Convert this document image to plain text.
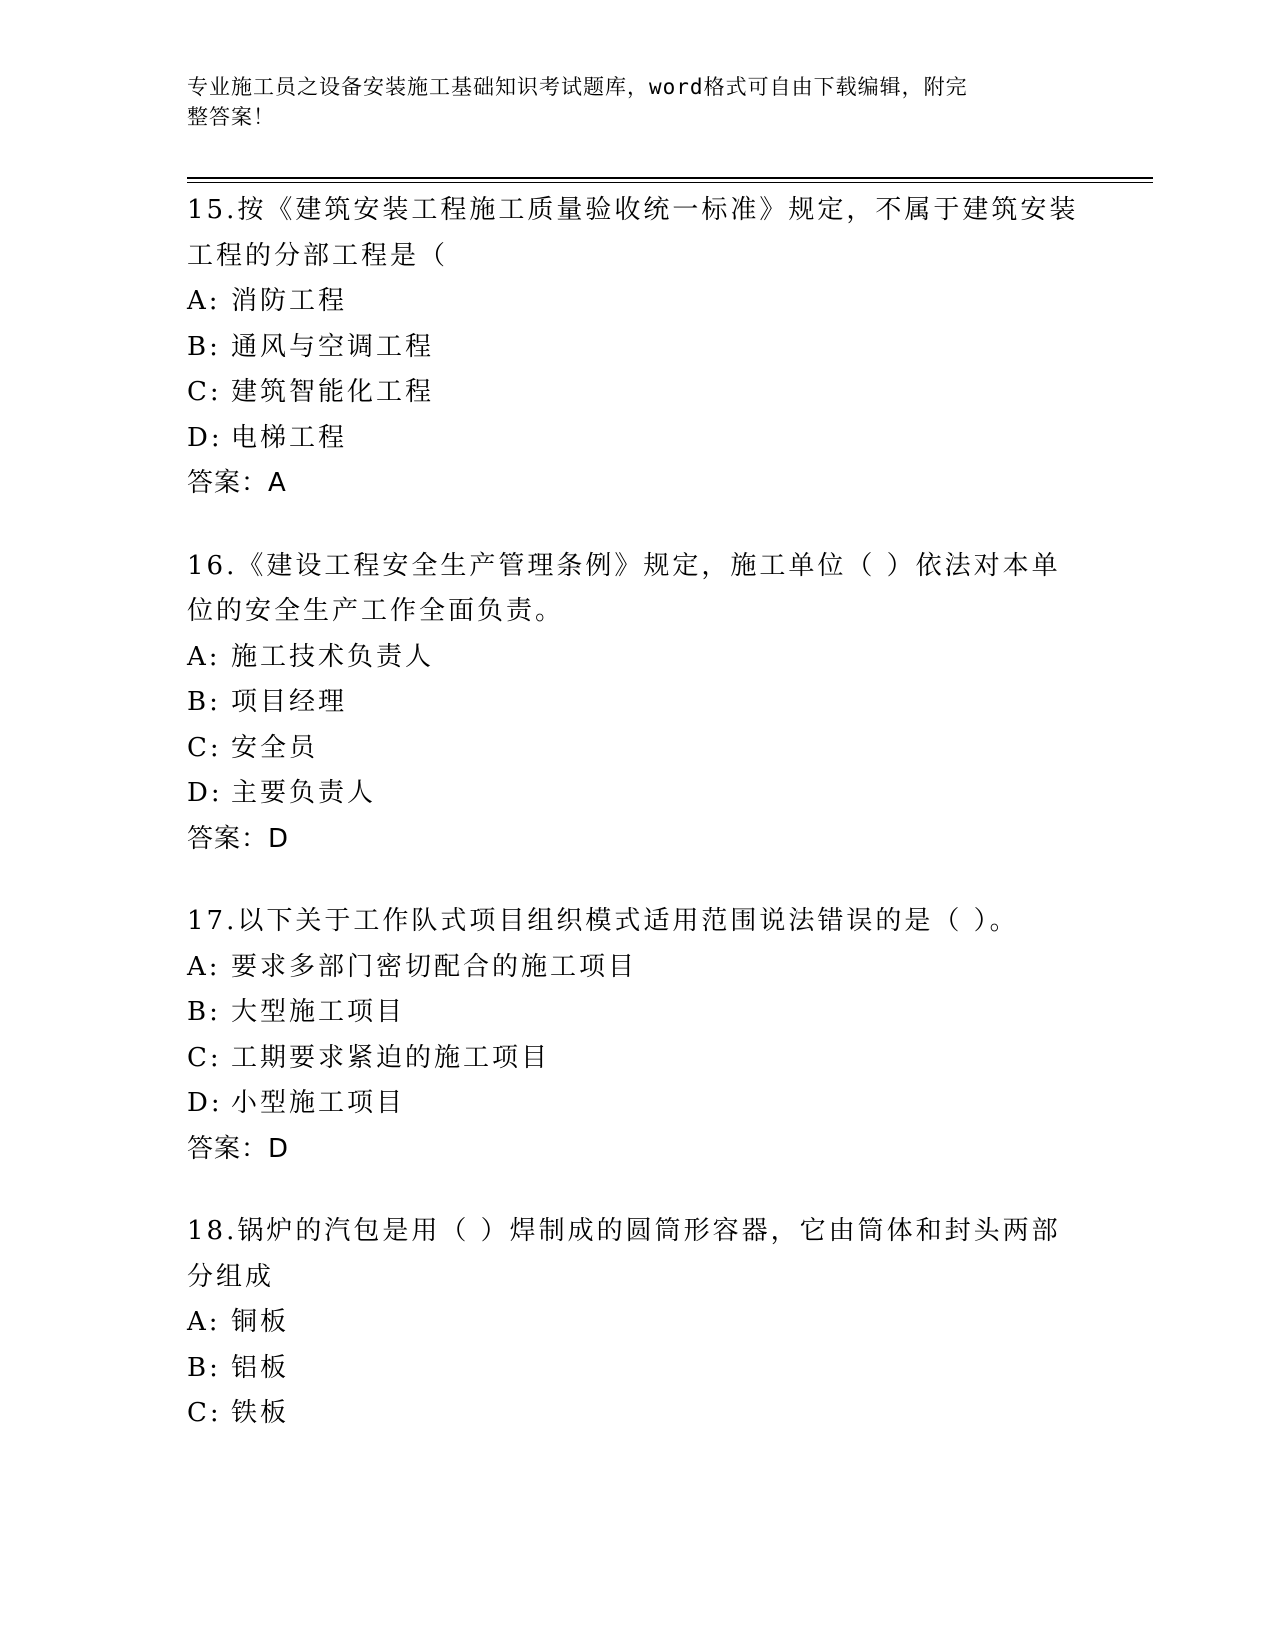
专业施工员之设备安装施工基础知识考试题库，word格式可自由下载编辑，附完
整答案！
15.按《建筑安装工程施工质量验收统一标准》规定，不属于建筑安装
工程的分部工程是（
A: 消防工程
B: 通风与空调工程
C: 建筑智能化工程
D: 电梯工程
答案：A
16.《建设工程安全生产管理条例》规定，施工单位（ ）依法对本单
位的安全生产工作全面负责。
A: 施工技术负责人
B: 项目经理
C: 安全员
D: 主要负责人
答案：D
17.以下关于工作队式项目组织模式适用范围说法错误的是（ ）。
A: 要求多部门密切配合的施工项目
B: 大型施工项目
C: 工期要求紧迫的施工项目
D: 小型施工项目
答案：D
18.锅炉的汽包是用（ ）焊制成的圆筒形容器，它由筒体和封头两部
分组成
A: 铜板
B: 铝板
C: 铁板
